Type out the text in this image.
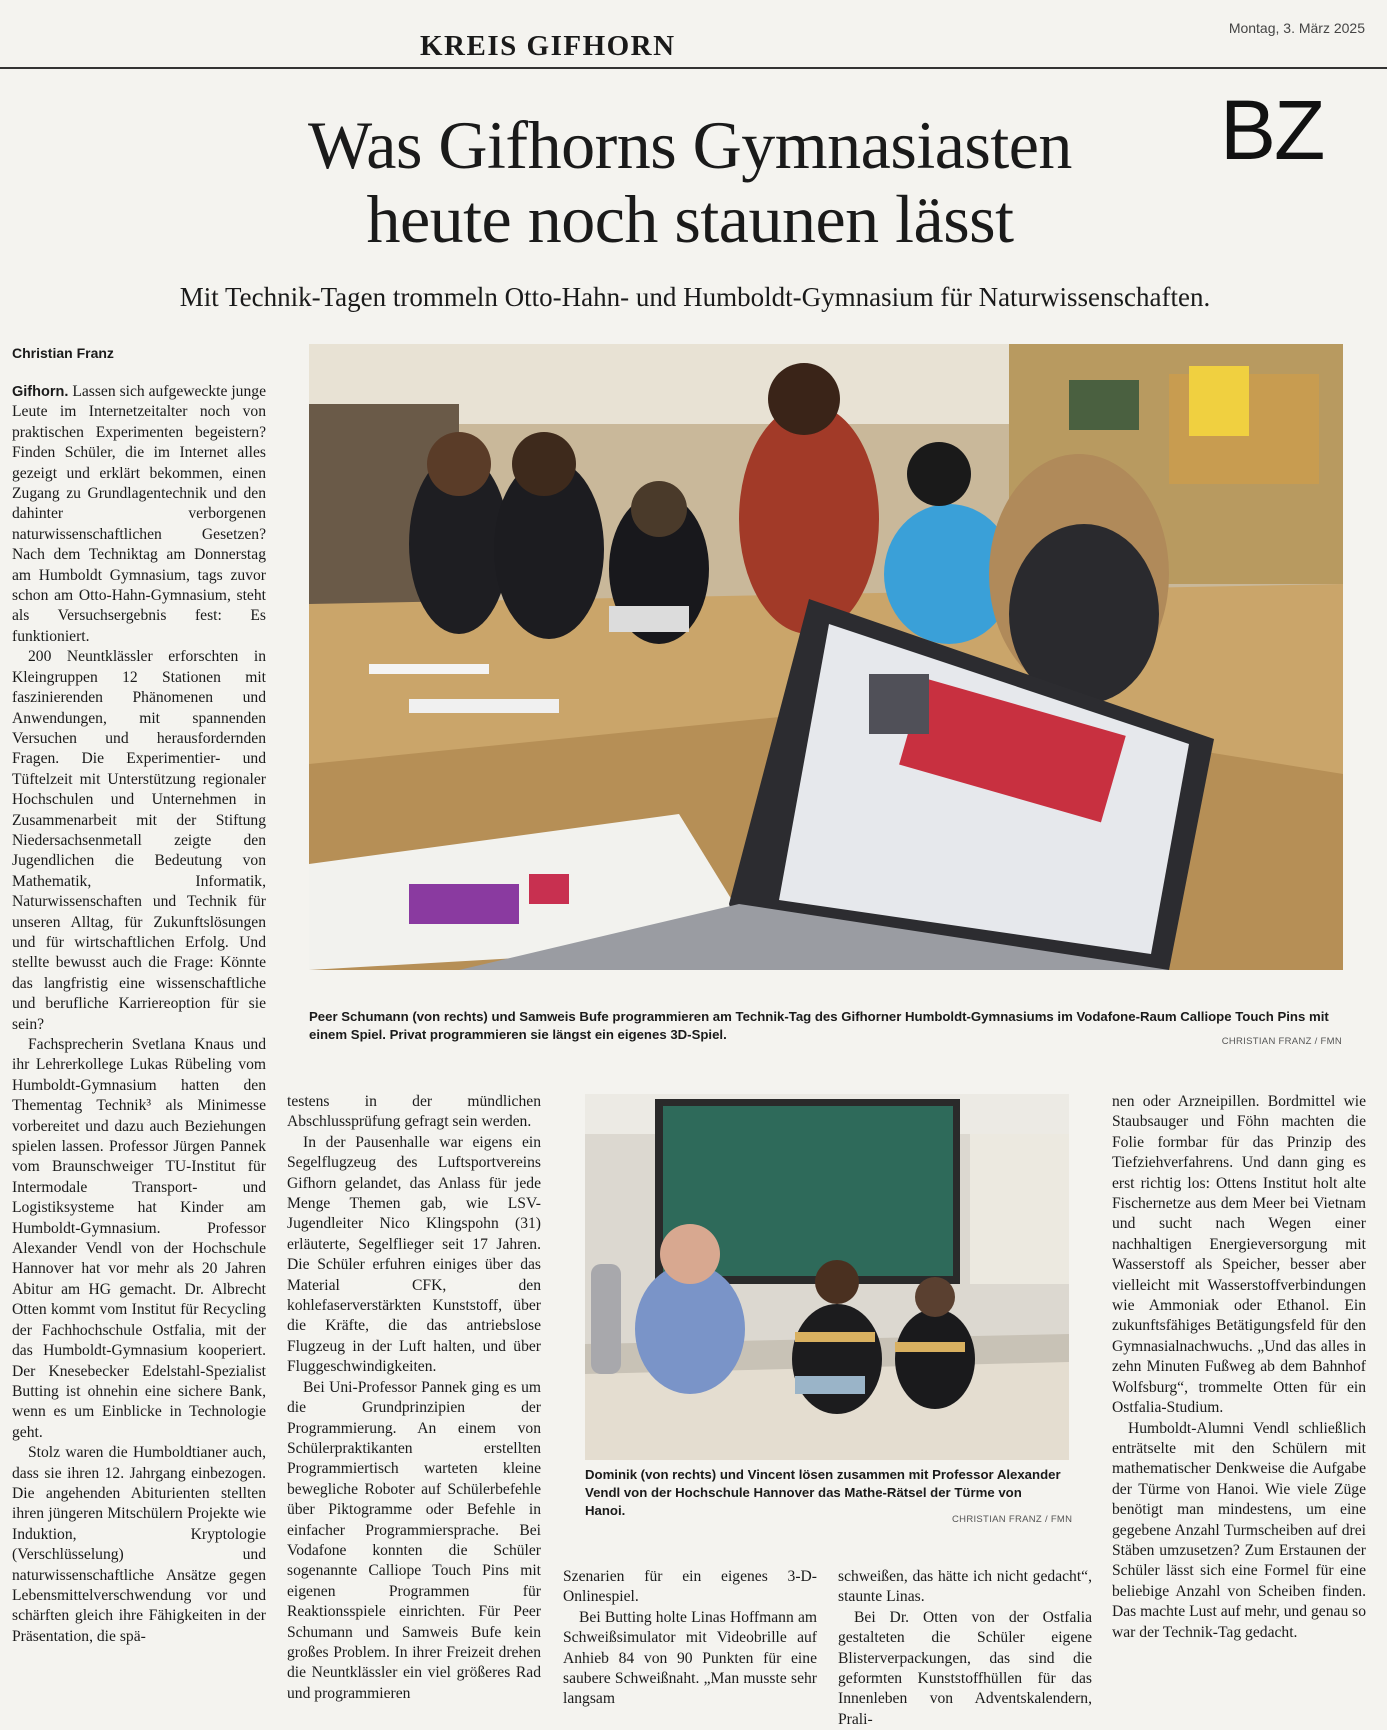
KREIS GIFHORN
Montag, 3. März 2025
BZ
Was Gifhorns Gymnasiasten
heute noch staunen lässt
Mit Technik-Tagen trommeln Otto-Hahn- und Humboldt-Gymnasium für Naturwissenschaften.
Christian Franz

Gifhorn. Lassen sich aufgeweckte junge Leute im Internetzeitalter noch von praktischen Experimenten begeistern? Finden Schüler, die im Internet alles gezeigt und erklärt bekommen, einen Zugang zu Grundlagentechnik und den dahinter verborgenen naturwissenschaftlichen Gesetzen? Nach dem Techniktag am Donnerstag am Humboldt Gymnasium, tags zuvor schon am Otto-Hahn-Gymnasium, steht als Versuchsergebnis fest: Es funktioniert.

200 Neuntklässler erforschten in Kleingruppen 12 Stationen mit faszinierenden Phänomenen und Anwendungen, mit spannenden Versuchen und herausfordernden Fragen. Die Experimentier- und Tüftelzeit mit Unterstützung regionaler Hochschulen und Unternehmen in Zusammenarbeit mit der Stiftung Niedersachsenmetall zeigte den Jugendlichen die Bedeutung von Mathematik, Informatik, Naturwissenschaften und Technik für unseren Alltag, für Zukunftslösungen und für wirtschaftlichen Erfolg. Und stellte bewusst auch die Frage: Könnte das langfristig eine wissenschaftliche und berufliche Karriereoption für sie sein?

Fachsprecherin Svetlana Knaus und ihr Lehrerkollege Lukas Rübeling vom Humboldt-Gymnasium hatten den Thementag Technik³ als Minimesse vorbereitet und dazu auch Beziehungen spielen lassen. Professor Jürgen Pannek vom Braunschweiger TU-Institut für Intermodale Transport- und Logistiksysteme hat Kinder am Humboldt-Gymnasium. Professor Alexander Vendl von der Hochschule Hannover hat vor mehr als 20 Jahren Abitur am HG gemacht. Dr. Albrecht Otten kommt vom Institut für Recycling der Fachhochschule Ostfalia, mit der das Humboldt-Gymnasium kooperiert. Der Knesebecker Edelstahl-Spezialist Butting ist ohnehin eine sichere Bank, wenn es um Einblicke in Technologie geht.

Stolz waren die Humboldtianer auch, dass sie ihren 12. Jahrgang einbezogen. Die angehenden Abiturienten stellten ihren jüngeren Mitschülern Projekte wie Induktion, Kryptologie (Verschlüsselung) und naturwissenschaftliche Ansätze gegen Lebensmittelverschwendung vor und schärften gleich ihre Fähigkeiten in der Präsentation, die spä-

Peer Schumann (von rechts) und Samweis Bufe programmieren am Technik-Tag des Gifhorner Humboldt-Gymnasiums im Vodafone-Raum Calliope Touch Pins mit einem Spiel. Privat programmieren sie längst ein eigenes 3D-Spiel.	CHRISTIAN FRANZ / FMN

testens in der mündlichen Abschlussprüfung gefragt sein werden.

In der Pausenhalle war eigens ein Segelflugzeug des Luftsportvereins Gifhorn gelandet, das Anlass für jede Menge Themen gab, wie LSV-Jugendleiter Nico Klingspohn (31) erläuterte, Segelflieger seit 17 Jahren. Die Schüler erfuhren einiges über das Material CFK, den kohlefaserverstärkten Kunststoff, über die Kräfte, die das antriebslose Flugzeug in der Luft halten, und über Fluggeschwindigkeiten.

Bei Uni-Professor Pannek ging es um die Grundprinzipien der Programmierung. An einem von Schülerpraktikanten erstellten Programmiertisch warteten kleine bewegliche Roboter auf Schülerbefehle über Piktogramme oder Befehle in einfacher Programmiersprache. Bei Vodafone konnten die Schüler sogenannte Calliope Touch Pins mit eigenen Programmen für Reaktionsspiele einrichten. Für Peer Schumann und Samweis Bufe kein großes Problem. In ihrer Freizeit drehen die Neuntklässler ein viel größeres Rad und programmieren

Dominik (von rechts) und Vincent lösen zusammen mit Professor Alexander Vendl von der Hochschule Hannover das Mathe-Rätsel der Türme von Hanoi.
CHRISTIAN FRANZ / FMN

Szenarien für ein eigenes 3-D-Onlinespiel.

Bei Butting holte Linas Hoffmann am Schweißsimulator mit Videobrille auf Anhieb 84 von 90 Punkten für eine saubere Schweißnaht. „Man musste sehr langsam

schweißen, das hätte ich nicht gedacht“, staunte Linas.

Bei Dr. Otten von der Ostfalia gestalteten die Schüler eigene Blisterverpackungen, das sind die geformten Kunststoffhüllen für das Innenleben von Adventskalendern, Prali-

nen oder Arzneipillen. Bordmittel wie Staubsauger und Föhn machten die Folie formbar für das Prinzip des Tiefziehverfahrens. Und dann ging es erst richtig los: Ottens Institut holt alte Fischernetze aus dem Meer bei Vietnam und sucht nach Wegen einer nachhaltigen Energieversorgung mit Wasserstoff als Speicher, besser aber vielleicht mit Wasserstoffverbindungen wie Ammoniak oder Ethanol. Ein zukunftsfähiges Betätigungsfeld für den Gymnasialnachwuchs. „Und das alles in zehn Minuten Fußweg ab dem Bahnhof Wolfsburg“, trommelte Otten für ein Ostfalia-Studium.

Humboldt-Alumni Vendl schließlich enträtselte mit den Schülern mit mathematischer Denkweise die Aufgabe der Türme von Hanoi. Wie viele Züge benötigt man mindestens, um eine gegebene Anzahl Turmscheiben auf drei Stäben umzusetzen? Zum Erstaunen der Schüler lässt sich eine Formel für eine beliebige Anzahl von Scheiben finden. Das machte Lust auf mehr, und genau so war der Technik-Tag gedacht.
